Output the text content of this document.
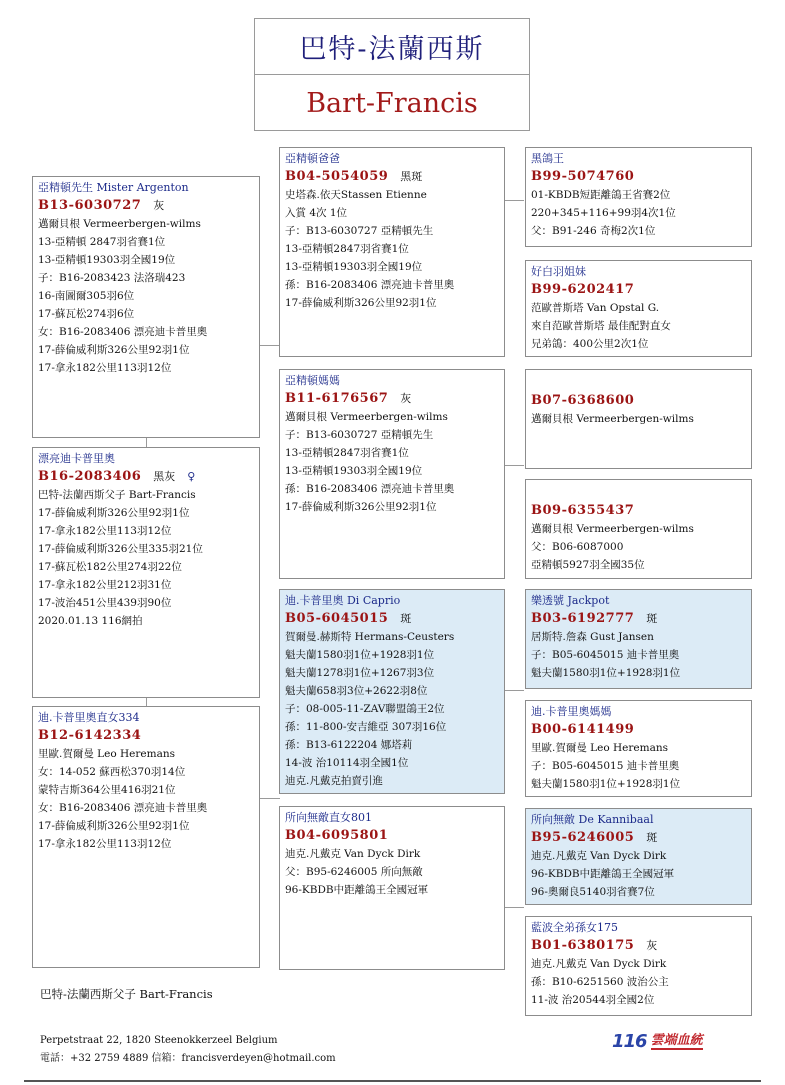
巴特-法蘭西斯
Bart-Francis
亞精頓先生 Mister Argenton
B13-6030727 灰
邁爾貝根 Vermeerbergen-wilms
13-亞精頓 2847羽省賽1位
13-亞精頓19303羽全國19位
子：B16-2083423 法洛瑞423
16-南圖爾305羽6位
17-蘇瓦松274羽6位
女：B16-2083406 漂亮迪卡普里奧
17-薛倫威利斯326公里92羽1位
17-拿永182公里113羽12位
漂亮迪卡普里奧
B16-2083406 黑灰 ♀
巴特-法蘭西斯父子 Bart-Francis
17-薛倫威利斯326公里92羽1位
17-拿永182公里113羽12位
17-薛倫威利斯326公里335羽21位
17-蘇瓦松182公里274羽22位
17-拿永182公里212羽31位
17-波治451公里439羽90位
2020.01.13 116網拍
迪.卡普里奧直女334
B12-6142334
里歐.賀爾曼 Leo Heremans
女：14-052 蘇西松370羽14位
蒙特吉斯364公里416羽21位
女：B16-2083406 漂亮迪卡普里奧
17-薛倫威利斯326公里92羽1位
17-拿永182公里113羽12位
亞精頓爸爸
B04-5054059 黑斑
史塔森.依天Stassen Etienne
入賞 4次 1位
子：B13-6030727 亞精頓先生
13-亞精頓2847羽省賽1位
13-亞精頓19303羽全國19位
孫：B16-2083406 漂亮迪卡普里奧
17-薛倫威利斯326公里92羽1位
亞精頓媽媽
B11-6176567 灰
邁爾貝根 Vermeerbergen-wilms
子：B13-6030727 亞精頓先生
13-亞精頓2847羽省賽1位
13-亞精頓19303羽全國19位
孫：B16-2083406 漂亮迪卡普里奧
17-薛倫威利斯326公里92羽1位
迪.卡普里奧 Di Caprio
B05-6045015 斑
賀爾曼.赫斯特 Hermans-Ceusters
魁夫蘭1580羽1位+1928羽1位
魁夫蘭1278羽1位+1267羽3位
魁夫蘭658羽3位+2622羽8位
子：08-005-11-ZAV聯盟鴿王2位
孫：11-800-安吉維亞 307羽16位
孫：B13-6122204 娜塔莉
14-波 治10114羽全國1位
迪克.凡戴克拍賣引進
所向無敵直女801
B04-6095801
迪克.凡戴克 Van Dyck Dirk
父：B95-6246005 所向無敵
96-KBDB中距離鴿王全國冠軍
黑鴿王
B99-5074760
01-KBDB短距離鴿王省賽2位
220+345+116+99羽4次1位
父：B91-246 奇梅2次1位
好白羽姐妹
B99-6202417
范歐普斯塔 Van Opstal G.
來自范歐普斯塔 最佳配對直女
兄弟鴿：400公里2次1位
B07-6368600
邁爾貝根 Vermeerbergen-wilms
B09-6355437
邁爾貝根 Vermeerbergen-wilms
父：B06-6087000
亞精頓5927羽全國35位
樂透號 Jackpot
B03-6192777 斑
居斯特.詹森 Gust Jansen
子：B05-6045015 迪卡普里奧
魁夫蘭1580羽1位+1928羽1位
迪.卡普里奧媽媽
B00-6141499
里歐.賀爾曼 Leo Heremans
子：B05-6045015 迪卡普里奧
魁夫蘭1580羽1位+1928羽1位
所向無敵 De Kannibaal
B95-6246005 斑
迪克.凡戴克 Van Dyck Dirk
96-KBDB中距離鴿王全國冠軍
96-奧爾良5140羽省賽7位
藍波全弟孫女175
B01-6380175 灰
迪克.凡戴克 Van Dyck Dirk
孫：B10-6251560 波治公主
11-波 治20544羽全國2位
巴特-法蘭西斯父子 Bart-Francis
Perpetstraat 22, 1820 Steenokkerzeel Belgium
電話：+32 2759 4889 信箱：francisverdeyen@hotmail.com
116 雲端血統
